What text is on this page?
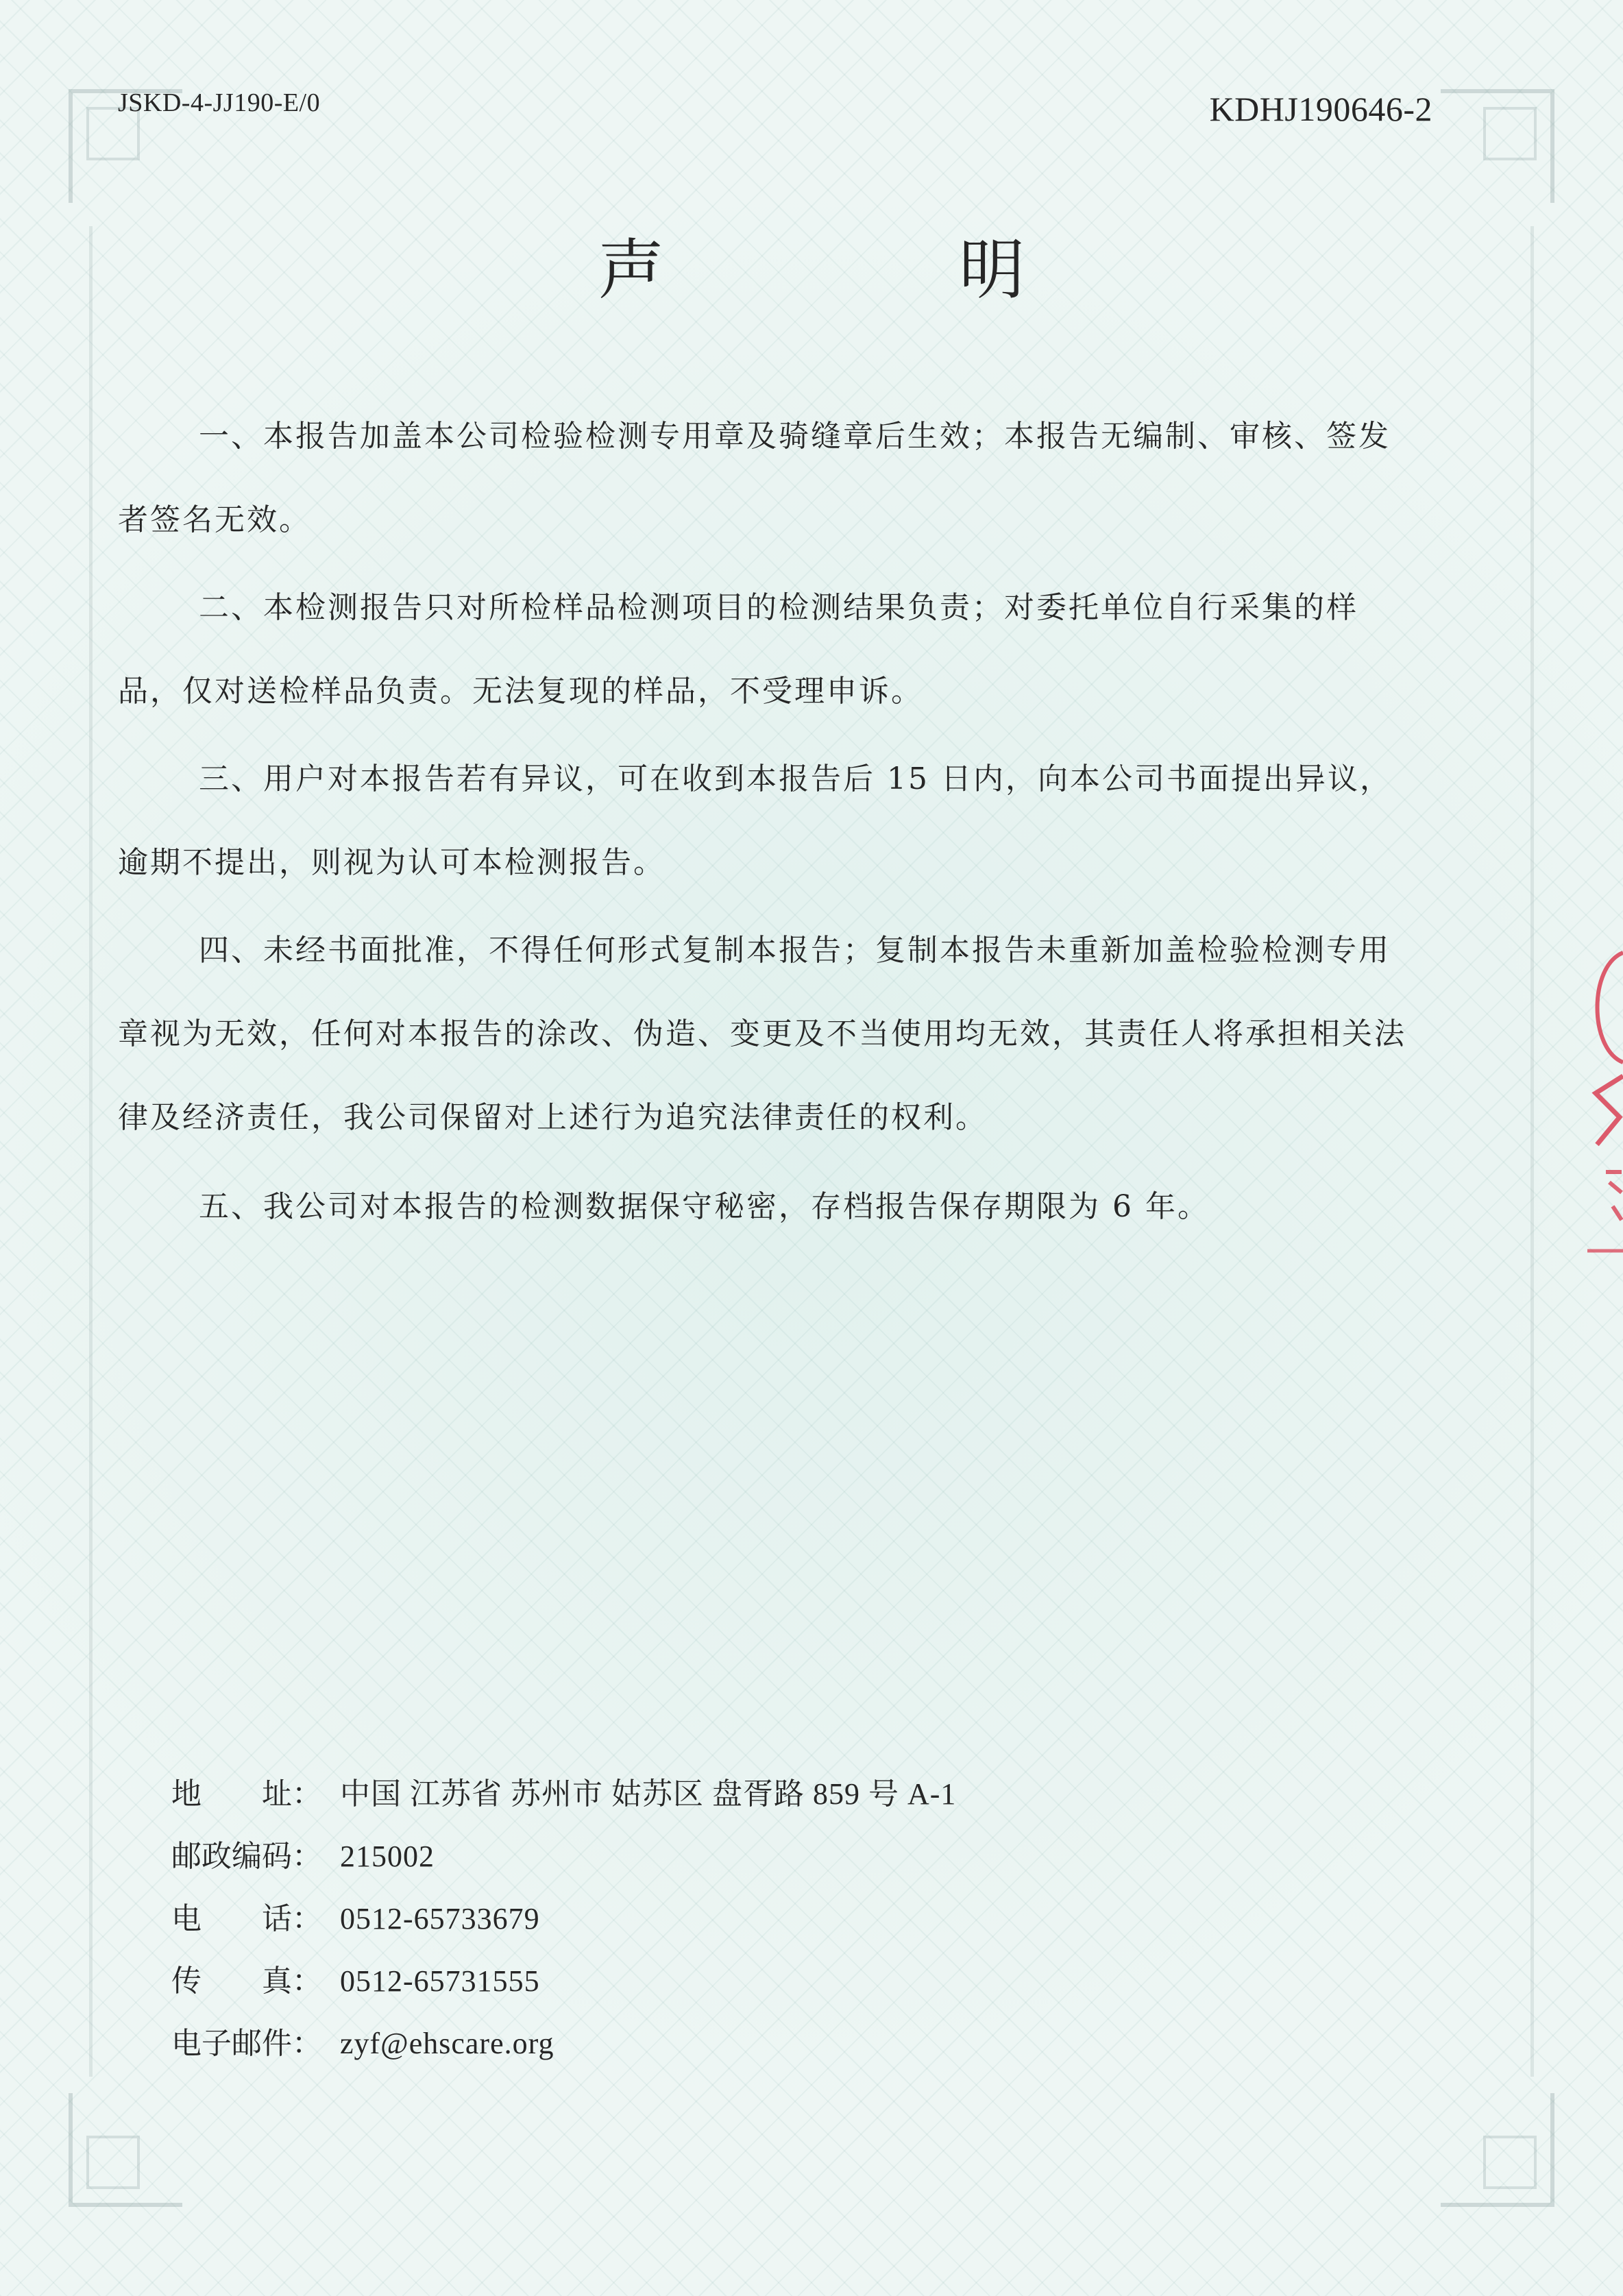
JSKD-4-JJ190-E/0	KDHJ190646-2
声 明

一、本报告加盖本公司检验检测专用章及骑缝章后生效；本报告无编制、审核、签发者签名无效。

二、本检测报告只对所检样品检测项目的检测结果负责；对委托单位自行采集的样品，仅对送检样品负责。无法复现的样品，不受理申诉。

三、用户对本报告若有异议，可在收到本报告后 15 日内，向本公司书面提出异议，逾期不提出，则视为认可本检测报告。

四、未经书面批准，不得任何形式复制本报告；复制本报告未重新加盖检验检测专用章视为无效，任何对本报告的涂改、伪造、变更及不当使用均无效，其责任人将承担相关法律及经济责任，我公司保留对上述行为追究法律责任的权利。

五、我公司对本报告的检测数据保守秘密，存档报告保存期限为 6 年。

地　　址： 中国 江苏省 苏州市 姑苏区 盘胥路 859 号 A-1
邮政编码： 215002
电　　话： 0512-65733679
传　　真： 0512-65731555
电子邮件： zyf@ehscare.org
